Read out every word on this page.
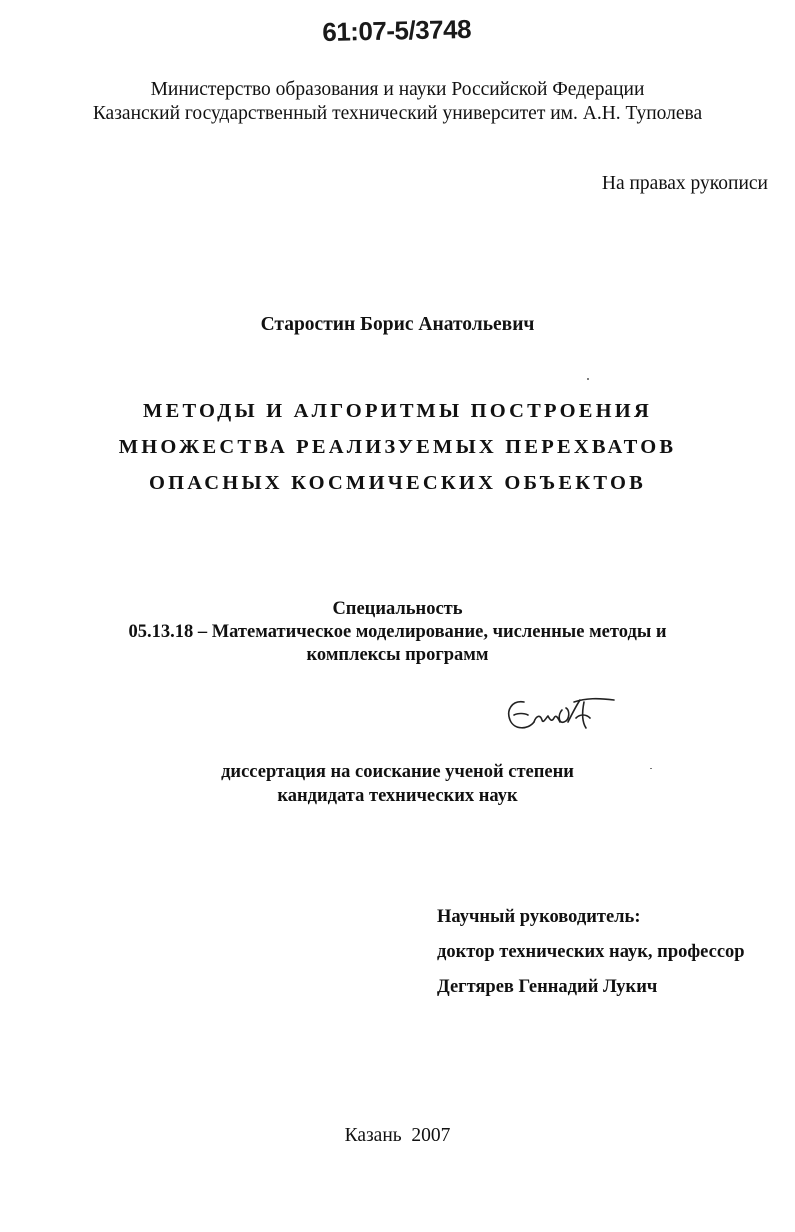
61:07-5/3748
Министерство образования и науки Российской Федерации
Казанский государственный технический университет им. А.Н. Туполева
На правах рукописи
Старостин Борис Анатольевич
МЕТОДЫ И АЛГОРИТМЫ ПОСТРОЕНИЯ
МНОЖЕСТВА РЕАЛИЗУЕМЫХ ПЕРЕХВАТОВ
ОПАСНЫХ КОСМИЧЕСКИХ ОБЪЕКТОВ
Специальность
05.13.18 – Математическое моделирование, численные методы и
комплексы программ
диссертация на соискание ученой степени
кандидата технических наук
Научный руководитель:
доктор технических наук, профессор
Дегтярев Геннадий Лукич
Казань  2007
